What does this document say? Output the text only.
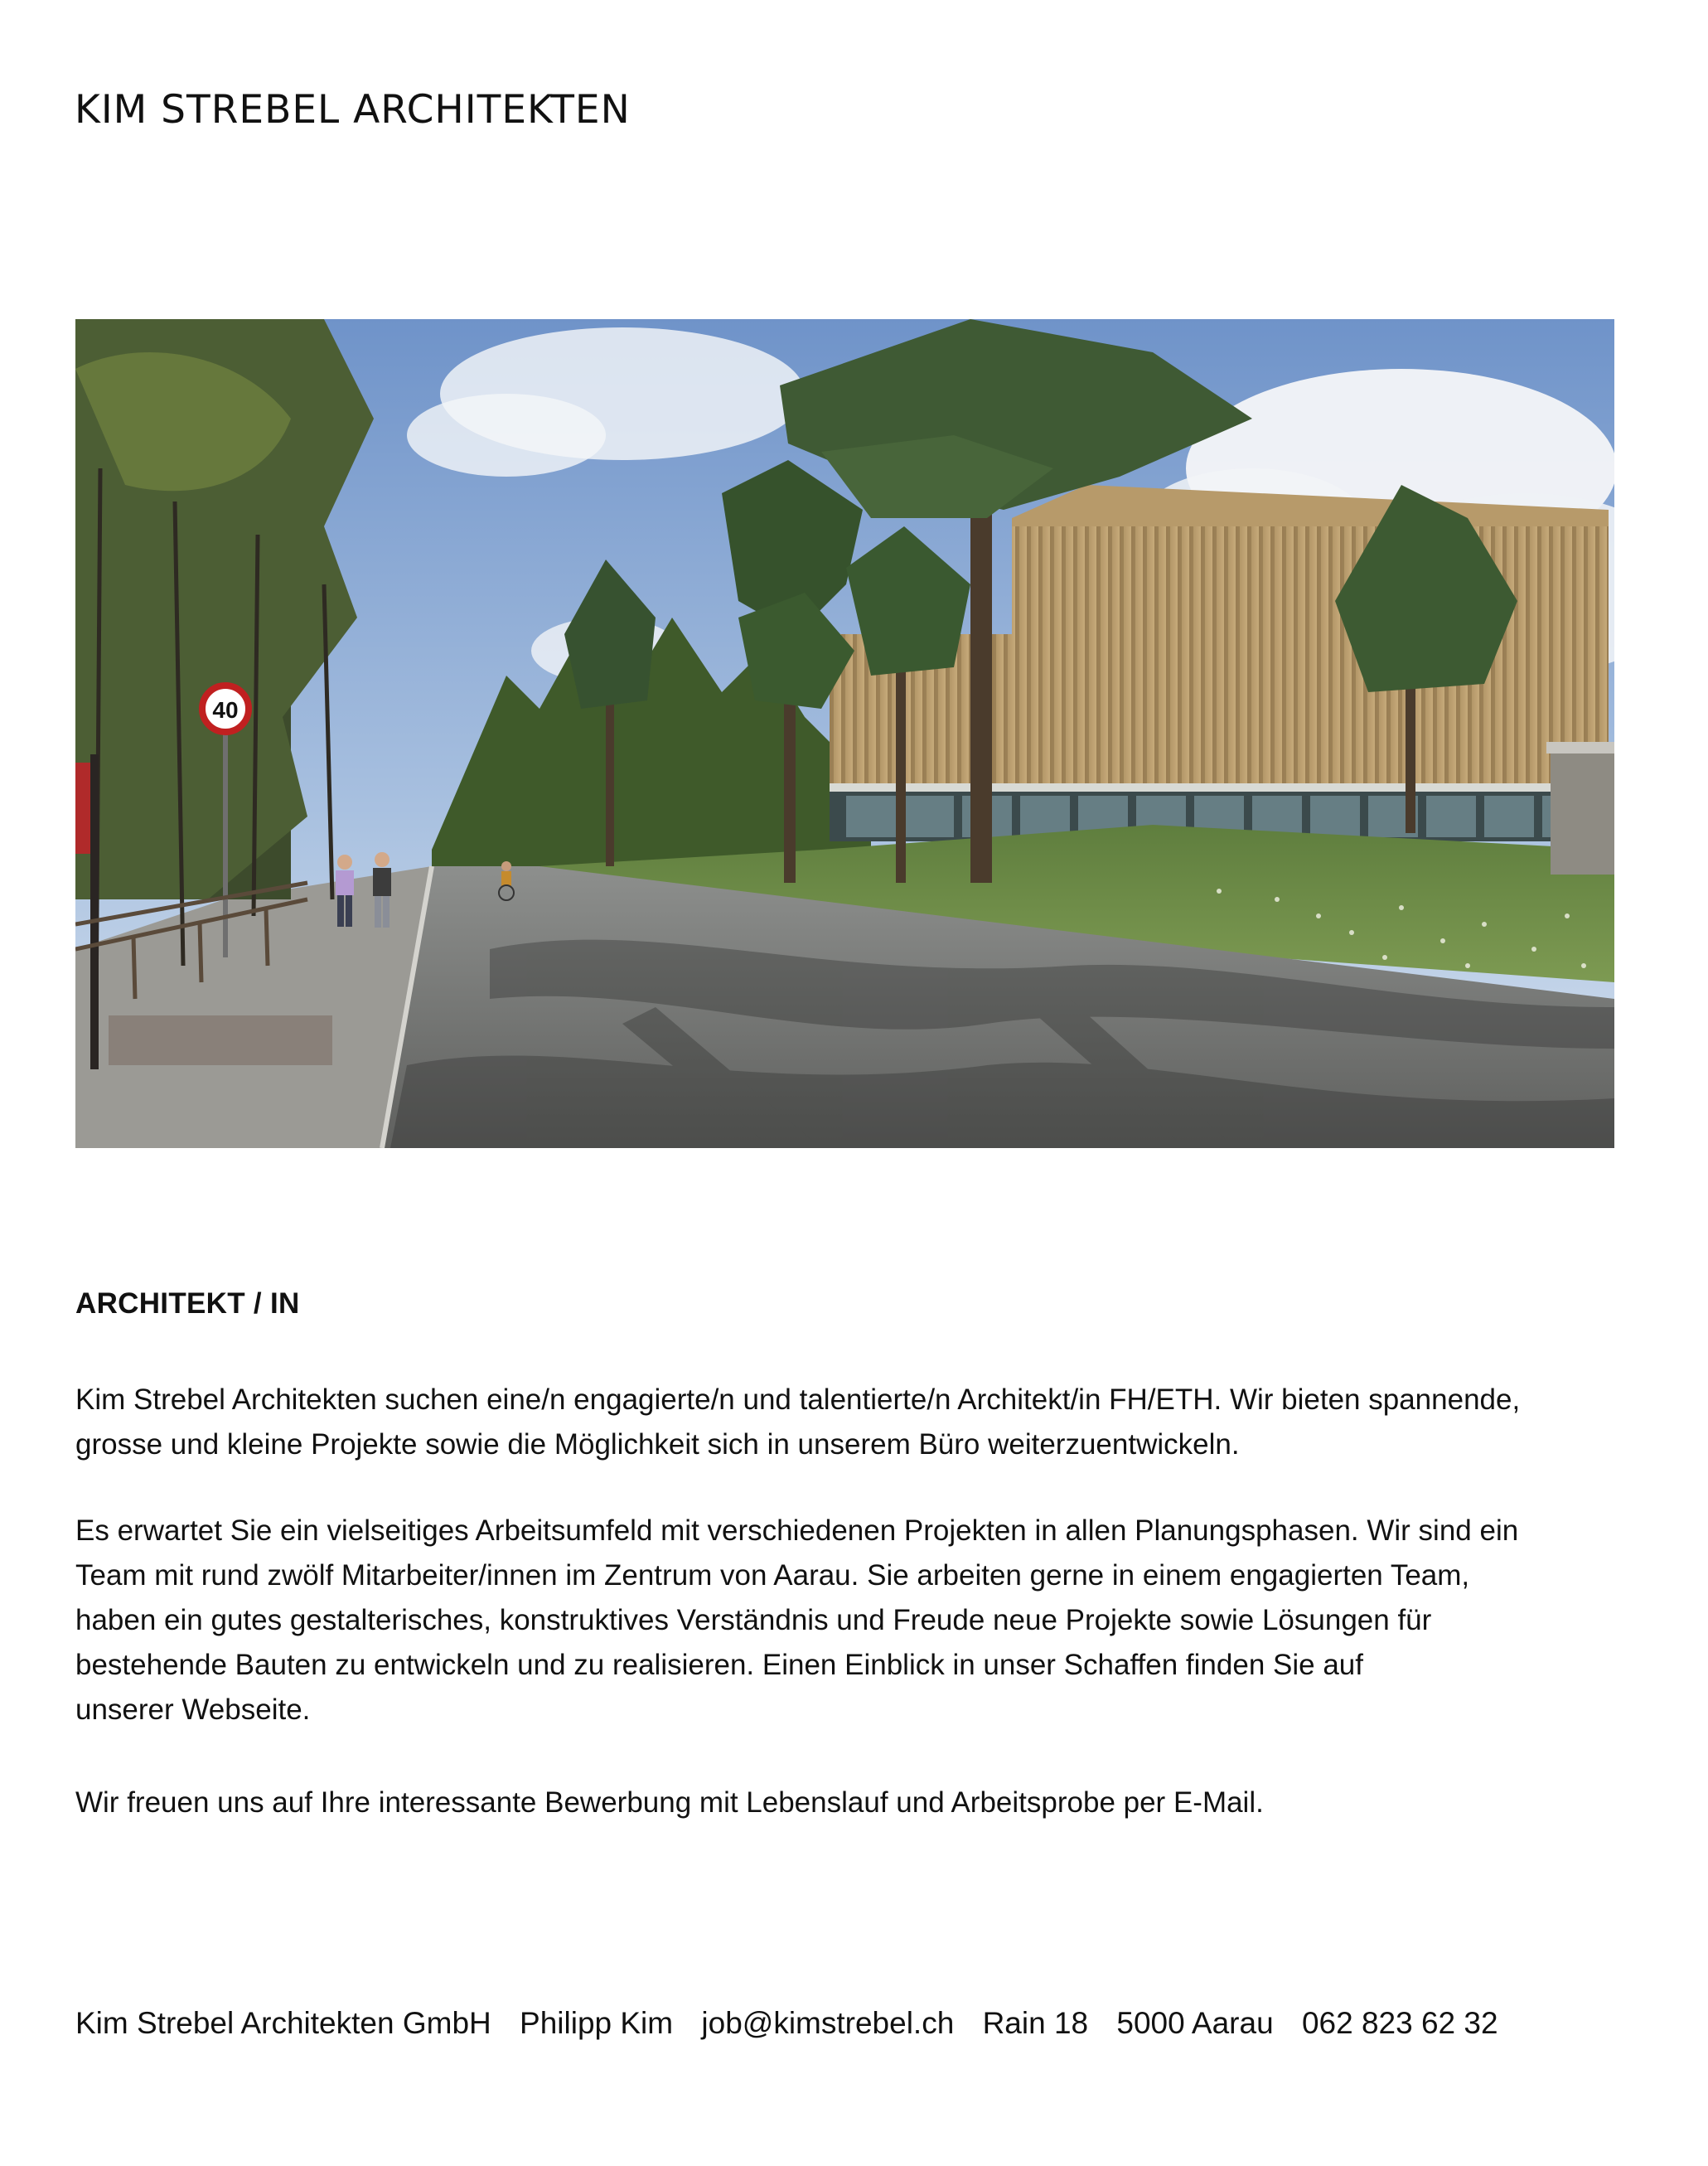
KIM STREBEL ARCHITEKTEN
40
ARCHITEKT / IN
Kim Strebel Architekten suchen eine/n engagierte/n und talentierte/n Architekt/in FH/ETH. Wir bieten spannende,
grosse und kleine Projekte sowie die Möglichkeit sich in unserem Büro weiterzuentwickeln.
Es erwartet Sie ein vielseitiges Arbeitsumfeld mit verschiedenen Projekten in allen Planungsphasen. Wir sind ein
Team mit rund zwölf Mitarbeiter/innen im Zentrum von Aarau. Sie arbeiten gerne in einem engagierten Team,
haben ein gutes gestalterisches, konstruktives Verständnis und Freude neue Projekte sowie Lösungen für
bestehende Bauten zu entwickeln und zu realisieren. Einen Einblick in unser Schaffen finden Sie auf
unserer Webseite.
Wir freuen uns auf Ihre interessante Bewerbung mit Lebenslauf und Arbeitsprobe per E-Mail.
Kim Strebel Architekten GmbH Philipp Kim job@kimstrebel.ch Rain 18 5000 Aarau 062 823 62 32
